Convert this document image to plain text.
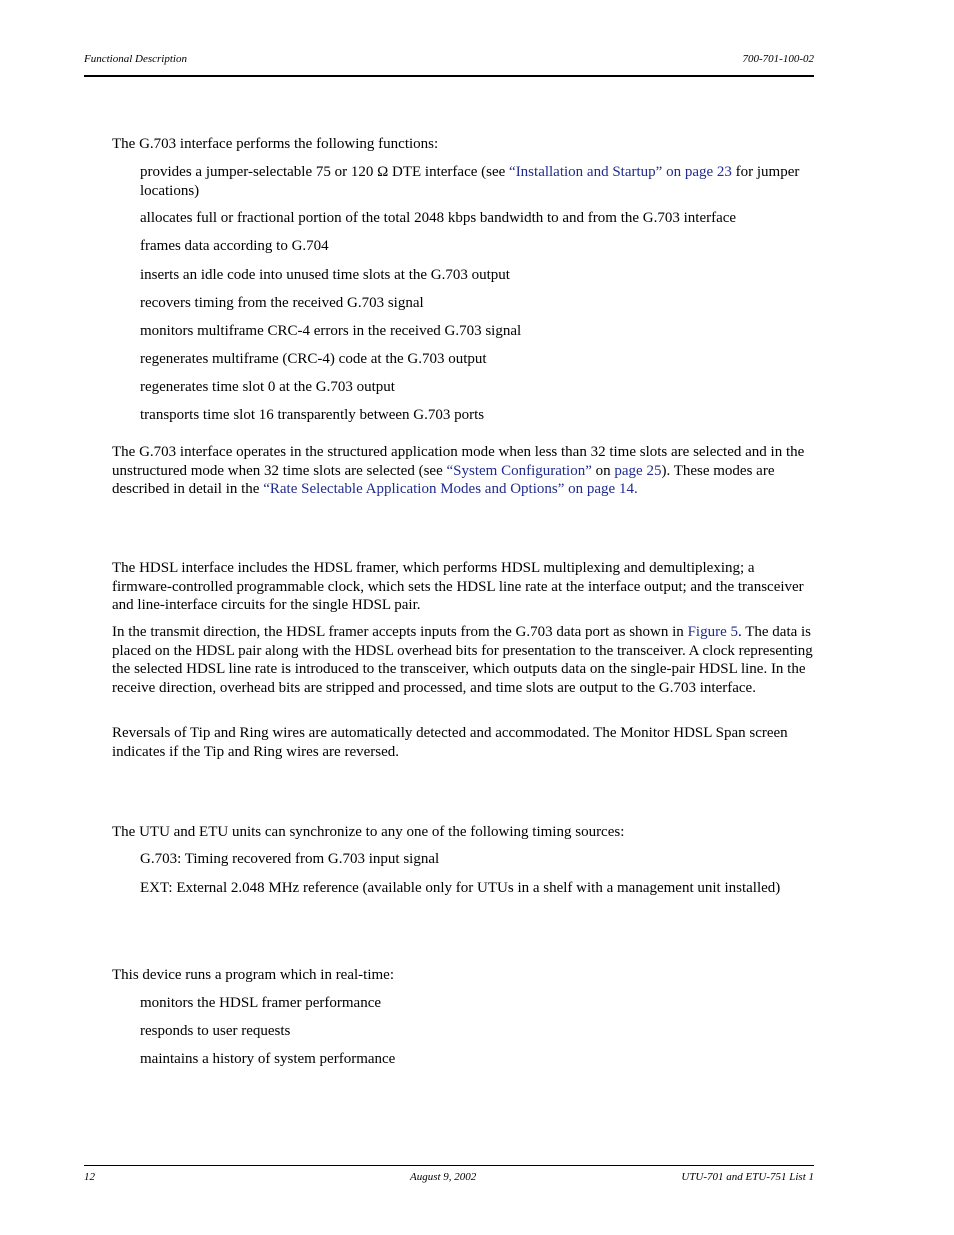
Functional Description	700-701-100-02
The G.703 interface performs the following functions:
provides a jumper-selectable 75 or 120 Ω DTE interface (see “Installation and Startup” on page 23 for jumper locations)
allocates full or fractional portion of the total 2048 kbps bandwidth to and from the G.703 interface
frames data according to G.704
inserts an idle code into unused time slots at the G.703 output
recovers timing from the received G.703 signal
monitors multiframe CRC-4 errors in the received G.703 signal
regenerates multiframe (CRC-4) code at the G.703 output
regenerates time slot 0 at the G.703 output
transports time slot 16 transparently between G.703 ports
The G.703 interface operates in the structured application mode when less than 32 time slots are selected and in the unstructured mode when 32 time slots are selected (see “System Configuration” on page 25). These modes are described in detail in the “Rate Selectable Application Modes and Options” on page 14.
The HDSL interface includes the HDSL framer, which performs HDSL multiplexing and demultiplexing; a firmware-controlled programmable clock, which sets the HDSL line rate at the interface output; and the transceiver and line-interface circuits for the single HDSL pair.
In the transmit direction, the HDSL framer accepts inputs from the G.703 data port as shown in Figure 5. The data is placed on the HDSL pair along with the HDSL overhead bits for presentation to the transceiver. A clock representing the selected HDSL line rate is introduced to the transceiver, which outputs data on the single-pair HDSL line. In the receive direction, overhead bits are stripped and processed, and time slots are output to the G.703 interface.
Reversals of Tip and Ring wires are automatically detected and accommodated. The Monitor HDSL Span screen indicates if the Tip and Ring wires are reversed.
The UTU and ETU units can synchronize to any one of the following timing sources:
G.703: Timing recovered from G.703 input signal
EXT: External 2.048 MHz reference (available only for UTUs in a shelf with a management unit installed)
This device runs a program which in real-time:
monitors the HDSL framer performance
responds to user requests
maintains a history of system performance
12	August 9, 2002	UTU-701 and ETU-751 List 1
